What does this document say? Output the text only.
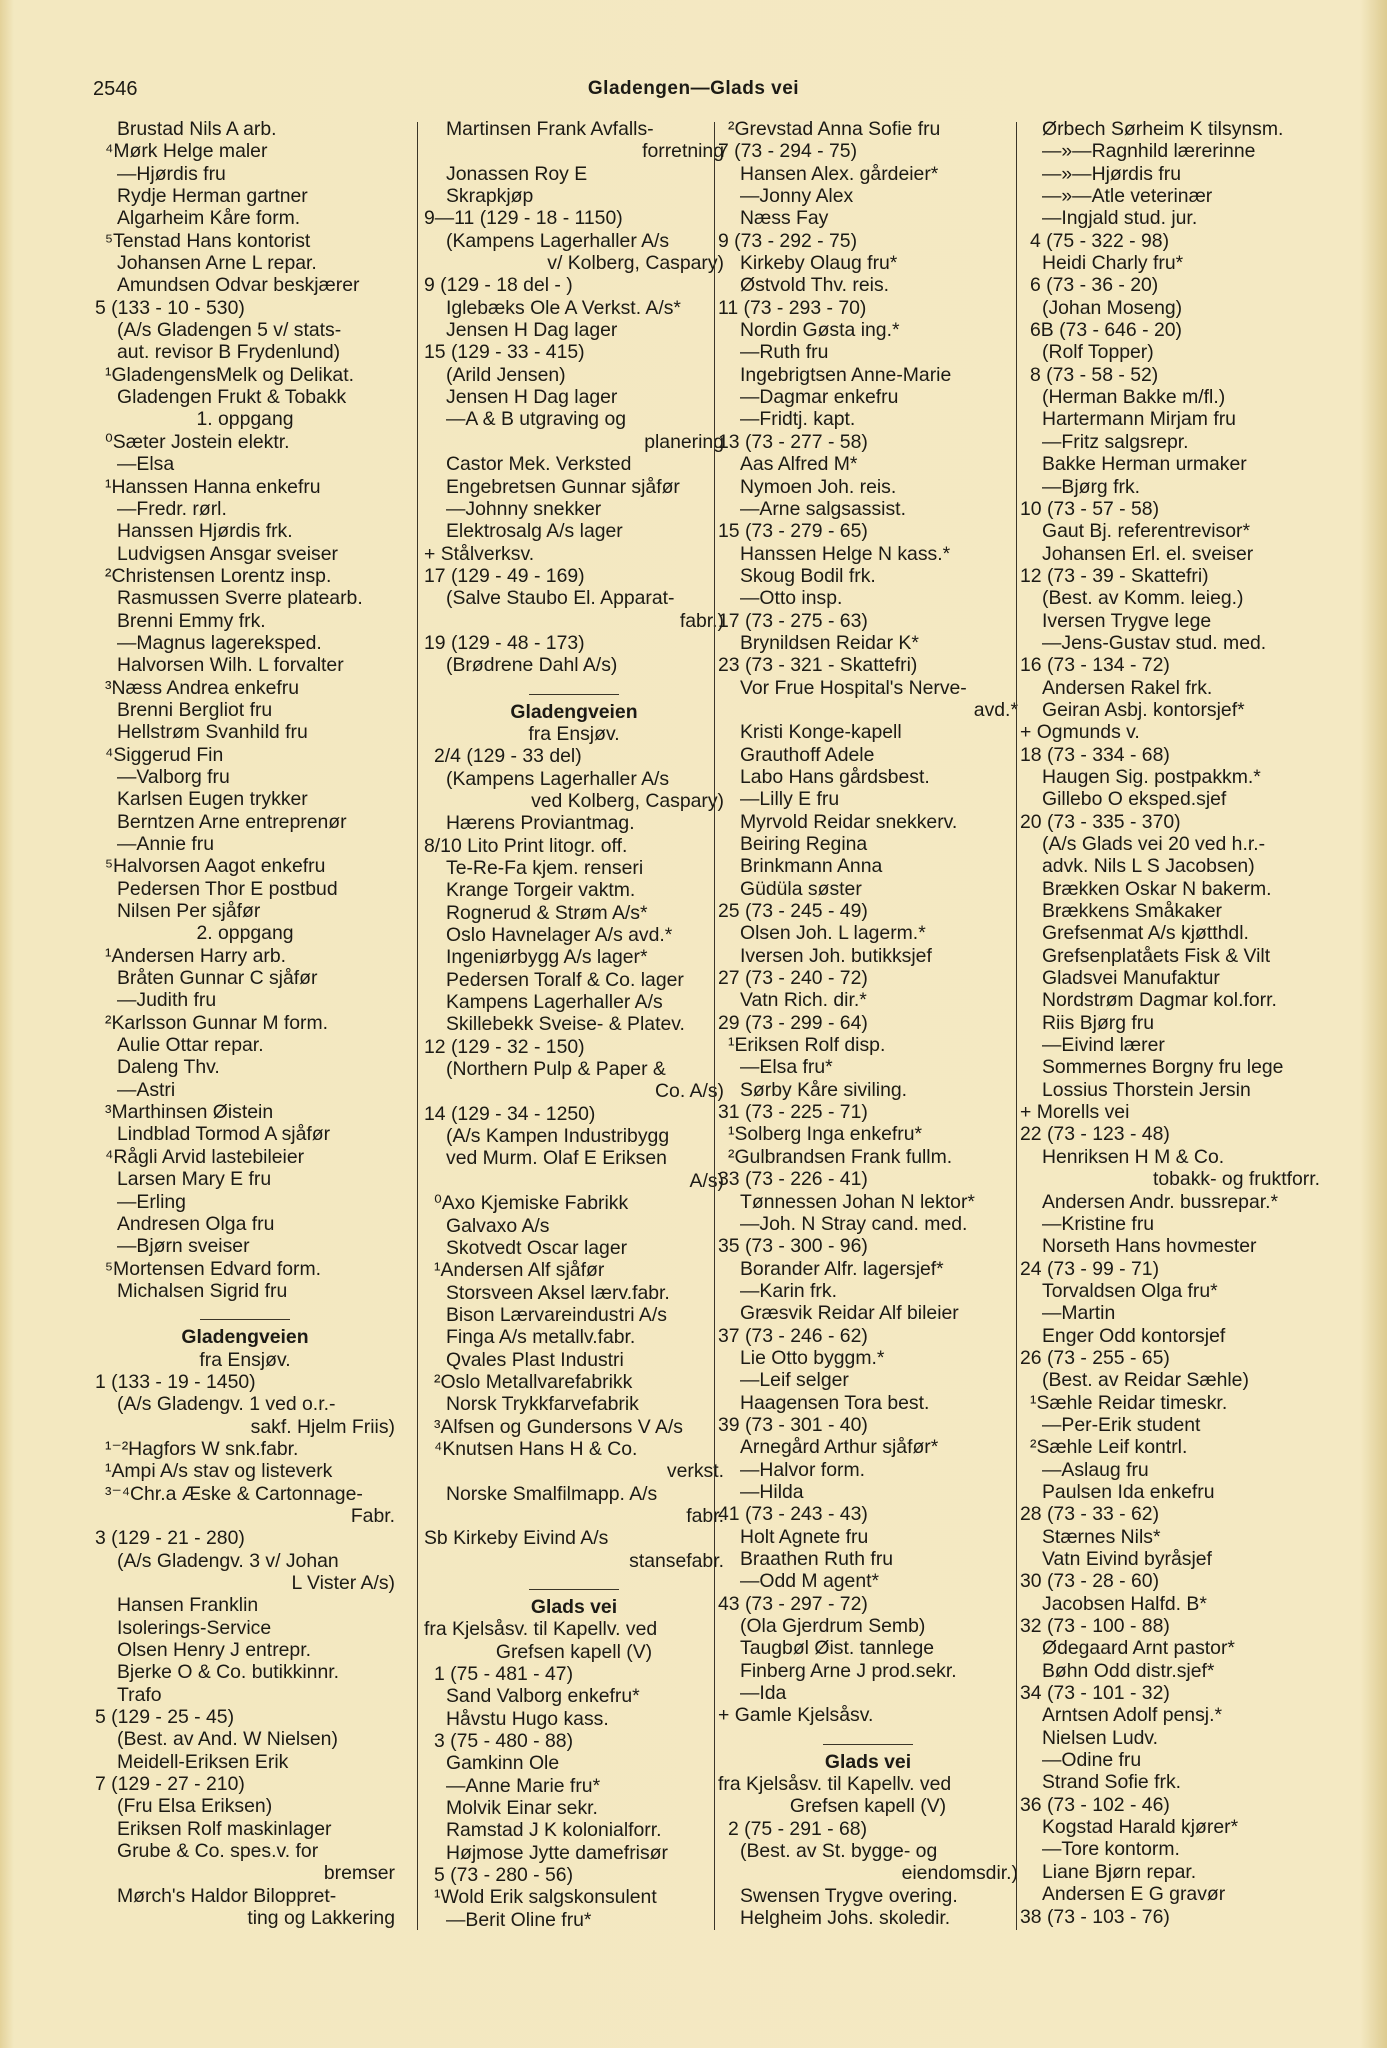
2546	Gladengen—Glads vei
Brustad Nils A arb.
⁴Mørk Helge maler
—Hjørdis fru
Rydje Herman gartner
Algarheim Kåre form.
⁵Tenstad Hans kontorist
Johansen Arne L repar.
Amundsen Odvar beskjærer
5 (133 - 10 - 530)
(A/s Gladengen 5 v/ stats-
aut. revisor B Frydenlund)
¹GladengensMelk og Delikat.
Gladengen Frukt & Tobakk
1. oppgang
⁰Sæter Jostein elektr.
—Elsa
¹Hanssen Hanna enkefru
—Fredr. rørl.
Hanssen Hjørdis frk.
Ludvigsen Ansgar sveiser
²Christensen Lorentz insp.
Rasmussen Sverre platearb.
Brenni Emmy frk.
—Magnus lagereksped.
Halvorsen Wilh. L forvalter
³Næss Andrea enkefru
Brenni Bergliot fru
Hellstrøm Svanhild fru
⁴Siggerud Fin
—Valborg fru
Karlsen Eugen trykker
Berntzen Arne entreprenør
—Annie fru
⁵Halvorsen Aagot enkefru
Pedersen Thor E postbud
Nilsen Per sjåfør
2. oppgang
¹Andersen Harry arb.
Bråten Gunnar C sjåfør
—Judith fru
²Karlsson Gunnar M form.
Aulie Ottar repar.
Daleng Thv.
—Astri
³Marthinsen Øistein
Lindblad Tormod A sjåfør
⁴Rågli Arvid lastebileier
Larsen Mary E fru
—Erling
Andresen Olga fru
—Bjørn sveiser
⁵Mortensen Edvard form.
Michalsen Sigrid fru
Gladengveien
fra Ensjøv.
1 (133 - 19 - 1450)
(A/s Gladengv. 1 ved o.r.-
sakf. Hjelm Friis)
¹⁻²Hagfors W snk.fabr.
¹Ampi A/s stav og listeverk
³⁻⁴Chr.a Æske & Cartonnage-
Fabr.
3 (129 - 21 - 280)
(A/s Gladengv. 3 v/ Johan
L Vister A/s)
Hansen Franklin
Isolerings-Service
Olsen Henry J entrepr.
Bjerke O & Co. butikkinnr.
Trafo
5 (129 - 25 - 45)
(Best. av And. W Nielsen)
Meidell-Eriksen Erik
7 (129 - 27 - 210)
(Fru Elsa Eriksen)
Eriksen Rolf maskinlager
Grube & Co. spes.v. for
bremser
Mørch's Haldor Biloppret-
ting og Lakkering
Martinsen Frank Avfalls-
forretning
Jonassen Roy E
Skrapkjøp
9—11 (129 - 18 - 1150)
(Kampens Lagerhaller A/s
v/ Kolberg, Caspary)
9 (129 - 18 del - )
Iglebæks Ole A Verkst. A/s*
Jensen H Dag lager
15 (129 - 33 - 415)
(Arild Jensen)
Jensen H Dag lager
—A & B utgraving og
planering
Castor Mek. Verksted
Engebretsen Gunnar sjåfør
—Johnny snekker
Elektrosalg A/s lager
+ Stålverksv.
17 (129 - 49 - 169)
(Salve Staubo El. Apparat-
fabr.)
19 (129 - 48 - 173)
(Brødrene Dahl A/s)
Gladengveien
fra Ensjøv.
2/4 (129 - 33 del)
(Kampens Lagerhaller A/s
ved Kolberg, Caspary)
Hærens Proviantmag.
8/10 Lito Print litogr. off.
Te-Re-Fa kjem. renseri
Krange Torgeir vaktm.
Rognerud & Strøm A/s*
Oslo Havnelager A/s avd.*
Ingeniørbygg A/s lager*
Pedersen Toralf & Co. lager
Kampens Lagerhaller A/s
Skillebekk Sveise- & Platev.
12 (129 - 32 - 150)
(Northern Pulp & Paper &
Co. A/s)
14 (129 - 34 - 1250)
(A/s Kampen Industribygg
ved Murm. Olaf E Eriksen
A/s)
⁰Axo Kjemiske Fabrikk
Galvaxo A/s
Skotvedt Oscar lager
¹Andersen Alf sjåfør
Storsveen Aksel lærv.fabr.
Bison Lærvareindustri A/s
Finga A/s metallv.fabr.
Qvales Plast Industri
²Oslo Metallvarefabrikk
Norsk Trykkfarvefabrik
³Alfsen og Gundersons V A/s
⁴Knutsen Hans H & Co.
verkst.
Norske Smalfilmapp. A/s
fabr.
Sb Kirkeby Eivind A/s
stansefabr.
Glads vei
fra Kjelsåsv. til Kapellv. ved
Grefsen kapell (V)
1 (75 - 481 - 47)
Sand Valborg enkefru*
Håvstu Hugo kass.
3 (75 - 480 - 88)
Gamkinn Ole
—Anne Marie fru*
Molvik Einar sekr.
Ramstad J K kolonialforr.
Højmose Jytte damefrisør
5 (73 - 280 - 56)
¹Wold Erik salgskonsulent
—Berit Oline fru*
²Grevstad Anna Sofie fru
7 (73 - 294 - 75)
Hansen Alex. gårdeier*
—Jonny Alex
Næss Fay
9 (73 - 292 - 75)
Kirkeby Olaug fru*
Østvold Thv. reis.
11 (73 - 293 - 70)
Nordin Gøsta ing.*
—Ruth fru
Ingebrigtsen Anne-Marie
—Dagmar enkefru
—Fridtj. kapt.
13 (73 - 277 - 58)
Aas Alfred M*
Nymoen Joh. reis.
—Arne salgsassist.
15 (73 - 279 - 65)
Hanssen Helge N kass.*
Skoug Bodil frk.
—Otto insp.
17 (73 - 275 - 63)
Brynildsen Reidar K*
23 (73 - 321 - Skattefri)
Vor Frue Hospital's Nerve-
avd.*
Kristi Konge-kapell
Grauthoff Adele
Labo Hans gårdsbest.
—Lilly E fru
Myrvold Reidar snekkerv.
Beiring Regina
Brinkmann Anna
Güdüla søster
25 (73 - 245 - 49)
Olsen Joh. L lagerm.*
Iversen Joh. butikksjef
27 (73 - 240 - 72)
Vatn Rich. dir.*
29 (73 - 299 - 64)
¹Eriksen Rolf disp.
—Elsa fru*
Sørby Kåre siviling.
31 (73 - 225 - 71)
¹Solberg Inga enkefru*
²Gulbrandsen Frank fullm.
33 (73 - 226 - 41)
Tønnessen Johan N lektor*
—Joh. N Stray cand. med.
35 (73 - 300 - 96)
Borander Alfr. lagersjef*
—Karin frk.
Græsvik Reidar Alf bileier
37 (73 - 246 - 62)
Lie Otto byggm.*
—Leif selger
Haagensen Tora best.
39 (73 - 301 - 40)
Arnegård Arthur sjåfør*
—Halvor form.
—Hilda
41 (73 - 243 - 43)
Holt Agnete fru
Braathen Ruth fru
—Odd M agent*
43 (73 - 297 - 72)
(Ola Gjerdrum Semb)
Taugbøl Øist. tannlege
Finberg Arne J prod.sekr.
—Ida
+ Gamle Kjelsåsv.
Glads vei
fra Kjelsåsv. til Kapellv. ved
Grefsen kapell (V)
2 (75 - 291 - 68)
(Best. av St. bygge- og
eiendomsdir.)
Swensen Trygve overing.
Helgheim Johs. skoledir.
Ørbech Sørheim K tilsynsm.
—»—Ragnhild lærerinne
—»—Hjørdis fru
—»—Atle veterinær
—Ingjald stud. jur.
4 (75 - 322 - 98)
Heidi Charly fru*
6 (73 - 36 - 20)
(Johan Moseng)
6B (73 - 646 - 20)
(Rolf Topper)
8 (73 - 58 - 52)
(Herman Bakke m/fl.)
Hartermann Mirjam fru
—Fritz salgsrepr.
Bakke Herman urmaker
—Bjørg frk.
10 (73 - 57 - 58)
Gaut Bj. referentrevisor*
Johansen Erl. el. sveiser
12 (73 - 39 - Skattefri)
(Best. av Komm. leieg.)
Iversen Trygve lege
—Jens-Gustav stud. med.
16 (73 - 134 - 72)
Andersen Rakel frk.
Geiran Asbj. kontorsjef*
+ Ogmunds v.
18 (73 - 334 - 68)
Haugen Sig. postpakkm.*
Gillebo O eksped.sjef
20 (73 - 335 - 370)
(A/s Glads vei 20 ved h.r.-
advk. Nils L S Jacobsen)
Brækken Oskar N bakerm.
Brækkens Småkaker
Grefsenmat A/s kjøtthdl.
Grefsenplatåets Fisk & Vilt
Gladsvei Manufaktur
Nordstrøm Dagmar kol.forr.
Riis Bjørg fru
—Eivind lærer
Sommernes Borgny fru lege
Lossius Thorstein Jersin
+ Morells vei
22 (73 - 123 - 48)
Henriksen H M & Co.
tobakk- og fruktforr.
Andersen Andr. bussrepar.*
—Kristine fru
Norseth Hans hovmester
24 (73 - 99 - 71)
Torvaldsen Olga fru*
—Martin
Enger Odd kontorsjef
26 (73 - 255 - 65)
(Best. av Reidar Sæhle)
¹Sæhle Reidar timeskr.
—Per-Erik student
²Sæhle Leif kontrl.
—Aslaug fru
Paulsen Ida enkefru
28 (73 - 33 - 62)
Stærnes Nils*
Vatn Eivind byråsjef
30 (73 - 28 - 60)
Jacobsen Halfd. B*
32 (73 - 100 - 88)
Ødegaard Arnt pastor*
Bøhn Odd distr.sjef*
34 (73 - 101 - 32)
Arntsen Adolf pensj.*
Nielsen Ludv.
—Odine fru
Strand Sofie frk.
36 (73 - 102 - 46)
Kogstad Harald kjører*
—Tore kontorm.
Liane Bjørn repar.
Andersen E G gravør
38 (73 - 103 - 76)
